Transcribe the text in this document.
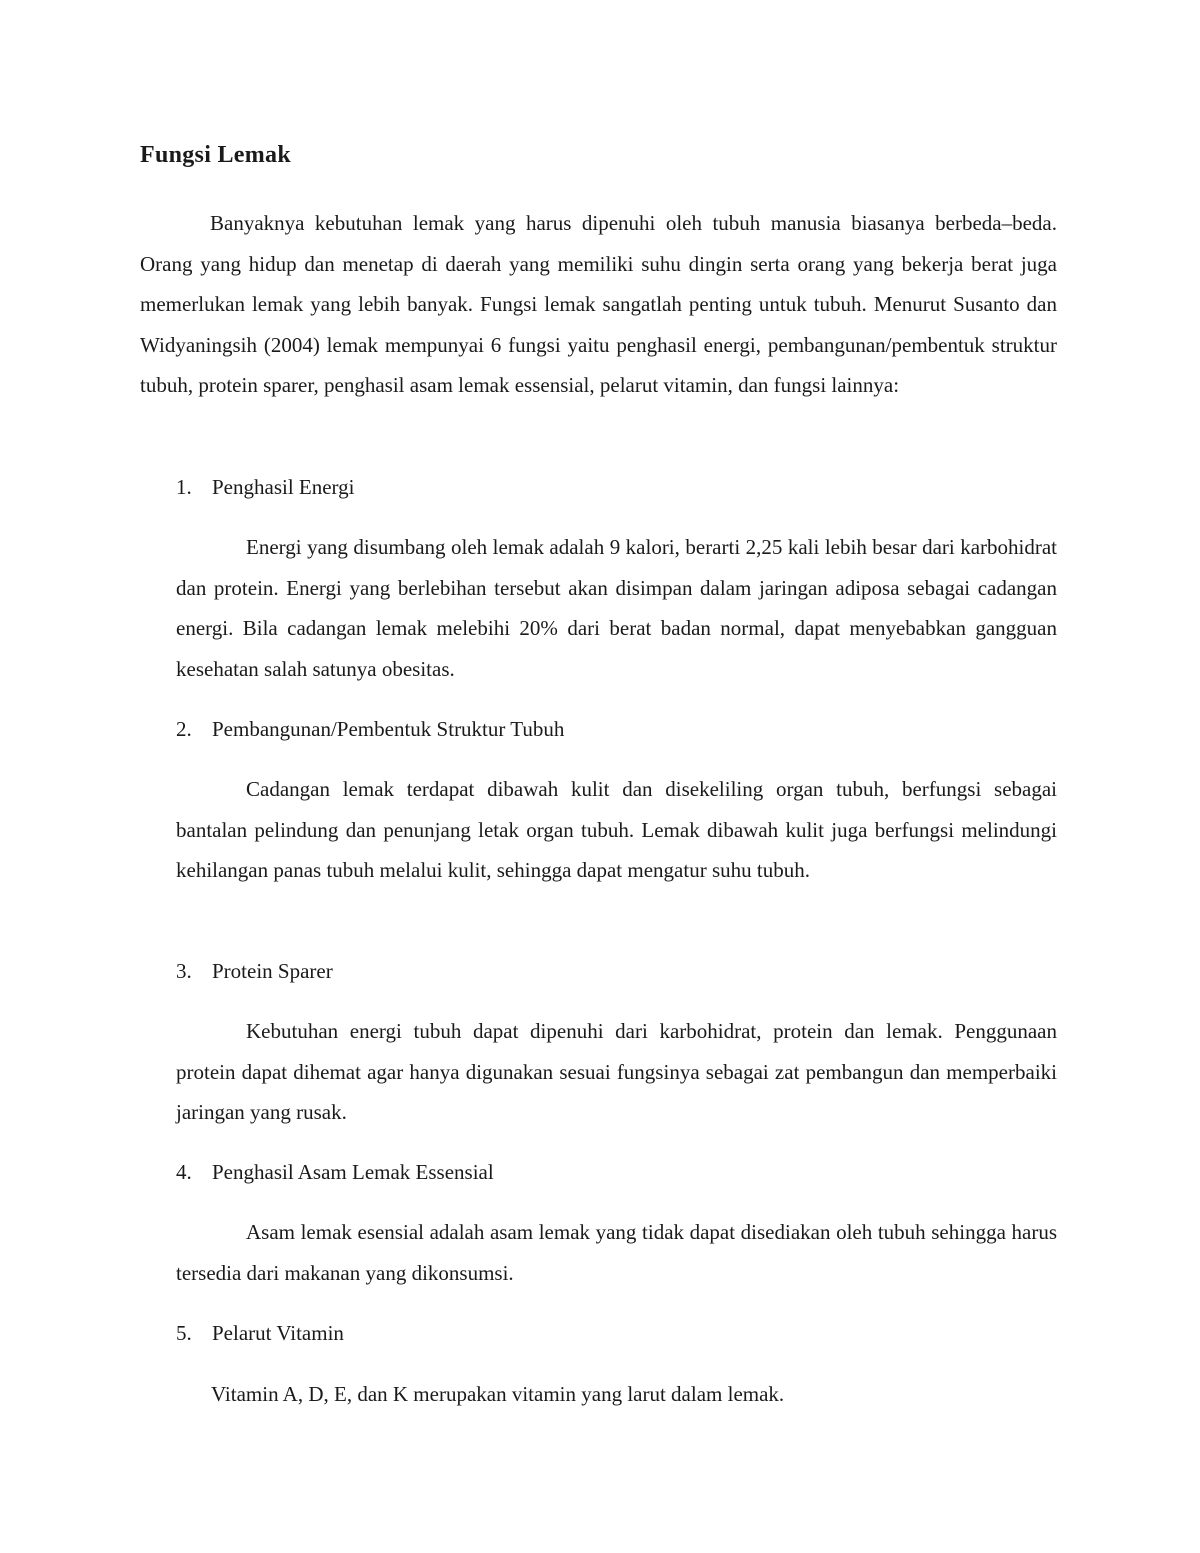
Fungsi Lemak

Banyaknya kebutuhan lemak yang harus dipenuhi oleh tubuh manusia biasanya berbeda–beda. Orang yang hidup dan menetap di daerah yang memiliki suhu dingin serta orang yang bekerja berat juga memerlukan lemak yang lebih banyak. Fungsi lemak sangatlah penting untuk tubuh. Menurut Susanto dan Widyaningsih (2004) lemak mempunyai 6 fungsi yaitu penghasil energi, pembangunan/pembentuk struktur tubuh, protein sparer, penghasil asam lemak essensial, pelarut vitamin, dan fungsi lainnya:

1. Penghasil Energi

Energi yang disumbang oleh lemak adalah 9 kalori, berarti 2,25 kali lebih besar dari karbohidrat dan protein. Energi yang berlebihan tersebut akan disimpan dalam jaringan adiposa sebagai cadangan energi. Bila cadangan lemak melebihi 20% dari berat badan normal, dapat menyebabkan gangguan kesehatan salah satunya obesitas.

2. Pembangunan/Pembentuk Struktur Tubuh

Cadangan lemak terdapat dibawah kulit dan disekeliling organ tubuh, berfungsi sebagai bantalan pelindung dan penunjang letak organ tubuh. Lemak dibawah kulit juga berfungsi melindungi kehilangan panas tubuh melalui kulit, sehingga dapat mengatur suhu tubuh.

3. Protein Sparer

Kebutuhan energi tubuh dapat dipenuhi dari karbohidrat, protein dan lemak. Penggunaan protein dapat dihemat agar hanya digunakan sesuai fungsinya sebagai zat pembangun dan memperbaiki jaringan yang rusak.

4. Penghasil Asam Lemak Essensial

Asam lemak esensial adalah asam lemak yang tidak dapat disediakan oleh tubuh sehingga harus tersedia dari makanan yang dikonsumsi.

5. Pelarut Vitamin
Vitamin A, D, E, dan K merupakan vitamin yang larut dalam lemak.
